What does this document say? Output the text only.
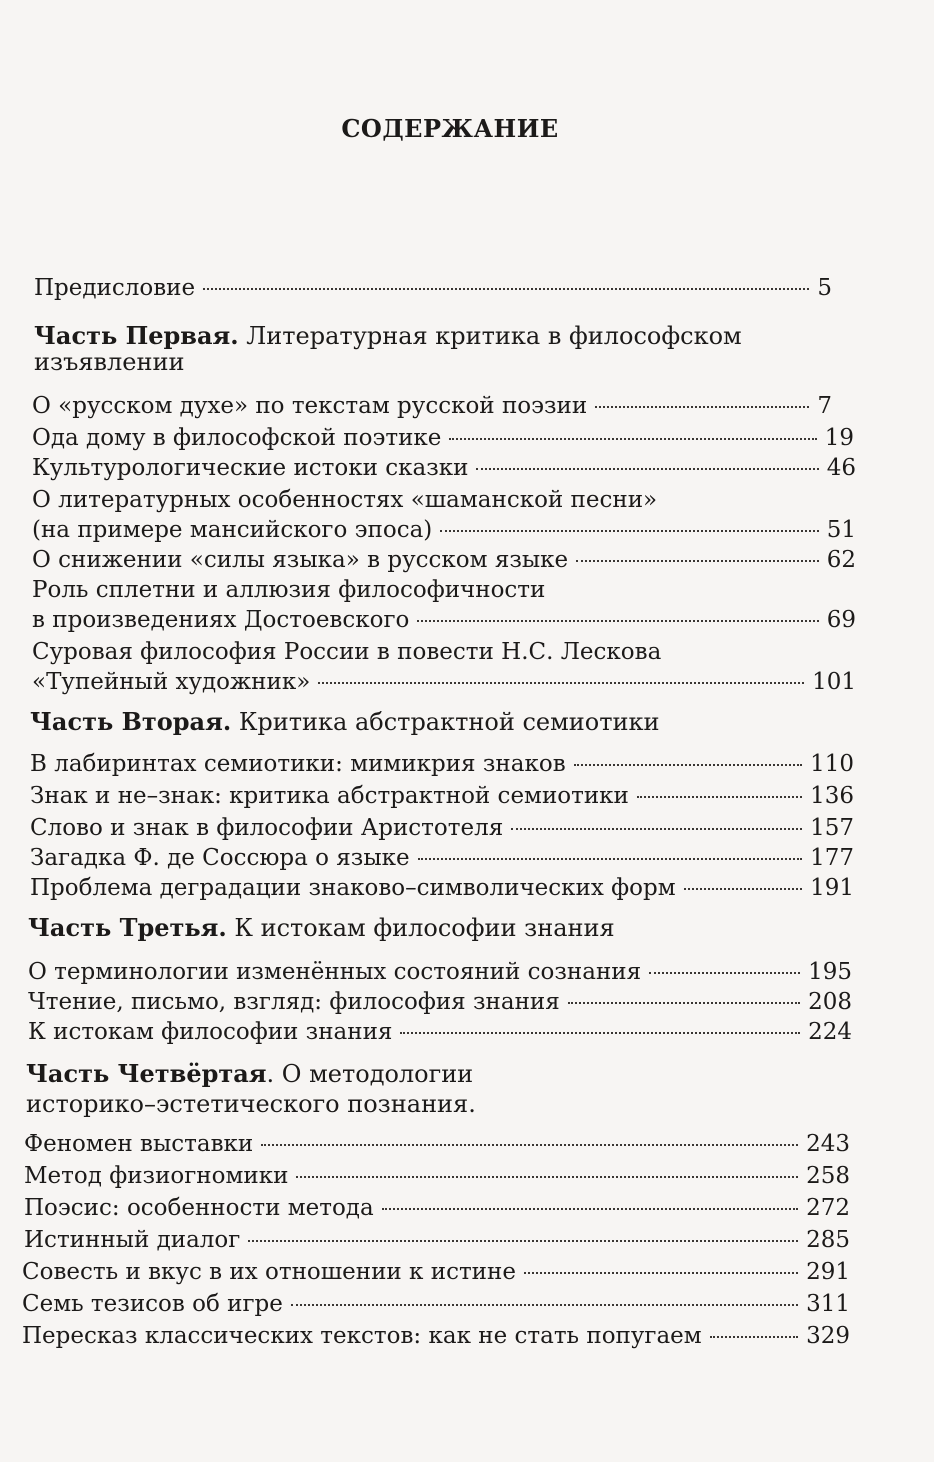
СОДЕРЖАНИЕ
Предисловие	5
Часть Первая. Литературная критика в философском
изъявлении
О «русском духе» по текстам русской поэзии	7
Ода дому в философской поэтике	19
Культурологические истоки сказки	46
О литературных особенностях «шаманской песни»
(на примере мансийского эпоса)	51
О снижении «силы языка» в русском языке	62
Роль сплетни и аллюзия философичности
в произведениях Достоевского	69
Суровая философия России в повести Н.С. Лескова
«Тупейный художник»	101
Часть Вторая. Критика абстрактной семиотики
В лабиринтах семиотики: мимикрия знаков	110
Знак и не–знак: критика абстрактной семиотики	136
Слово и знак в философии Аристотеля	157
Загадка Ф. де Соссюра о языке	177
Проблема деградации знаково–символических форм	191
Часть Третья. К истокам философии знания
О терминологии изменённых состояний сознания	195
Чтение, письмо, взгляд: философия знания	208
К истокам философии знания	224
Часть Четвёртая. О методологии
историко–эстетического познания.
Феномен выставки	243
Метод физиогномики	258
Поэсис: особенности метода	272
Истинный диалог	285
Совесть и вкус в их отношении к истине	291
Семь тезисов об игре	311
Пересказ классических текстов: как не стать попугаем	329
